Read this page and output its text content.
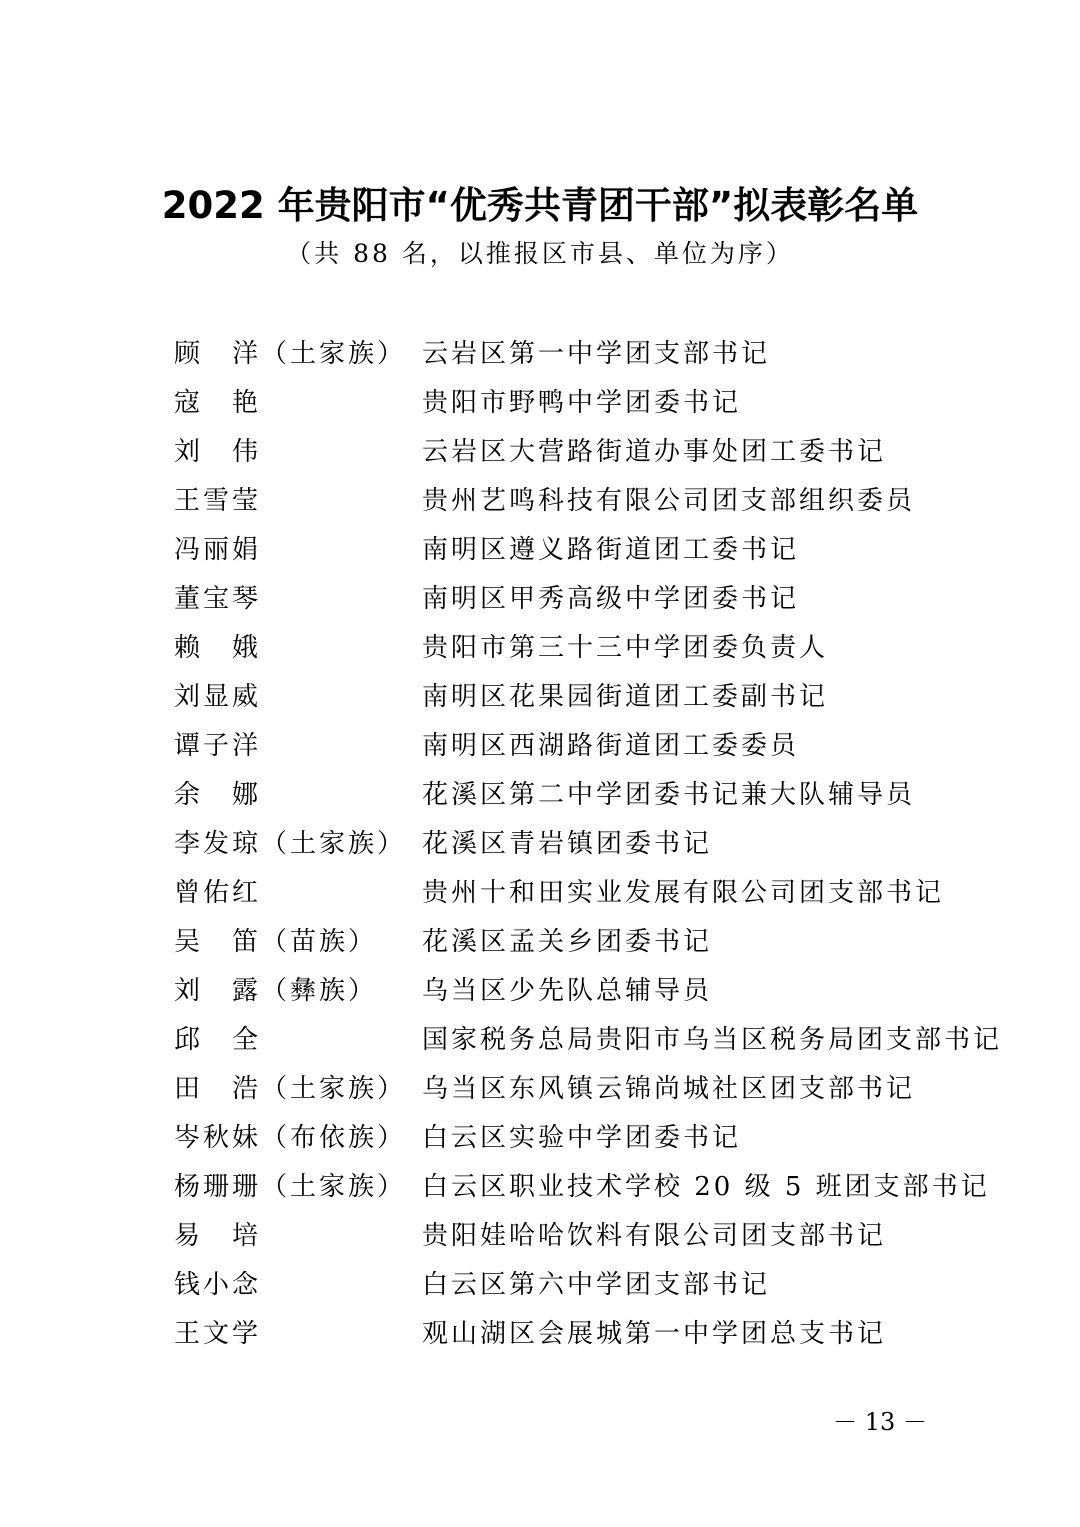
2022 年贵阳市“优秀共青团干部”拟表彰名单
（共 88 名，以推报区市县、单位为序）
顾　洋（土家族） 云岩区第一中学团支部书记
寇　艳	贵阳市野鸭中学团委书记
刘　伟	云岩区大营路街道办事处团工委书记
王雪莹	贵州艺鸣科技有限公司团支部组织委员
冯丽娟	南明区遵义路街道团工委书记
董宝琴	南明区甲秀高级中学团委书记
赖　娥	贵阳市第三十三中学团委负责人
刘显威	南明区花果园街道团工委副书记
谭子洋	南明区西湖路街道团工委委员
余　娜	花溪区第二中学团委书记兼大队辅导员
李发琼（土家族） 花溪区青岩镇团委书记
曾佑红	贵州十和田实业发展有限公司团支部书记
吴　笛（苗族） 花溪区孟关乡团委书记
刘　露（彝族） 乌当区少先队总辅导员
邱　全	国家税务总局贵阳市乌当区税务局团支部书记
田　浩（土家族） 乌当区东风镇云锦尚城社区团支部书记
岑秋妹（布依族） 白云区实验中学团委书记
杨珊珊（土家族） 白云区职业技术学校 20 级 5 班团支部书记
易　培	贵阳娃哈哈饮料有限公司团支部书记
钱小念	白云区第六中学团支部书记
王文学	观山湖区会展城第一中学团总支书记
－ 13 －
